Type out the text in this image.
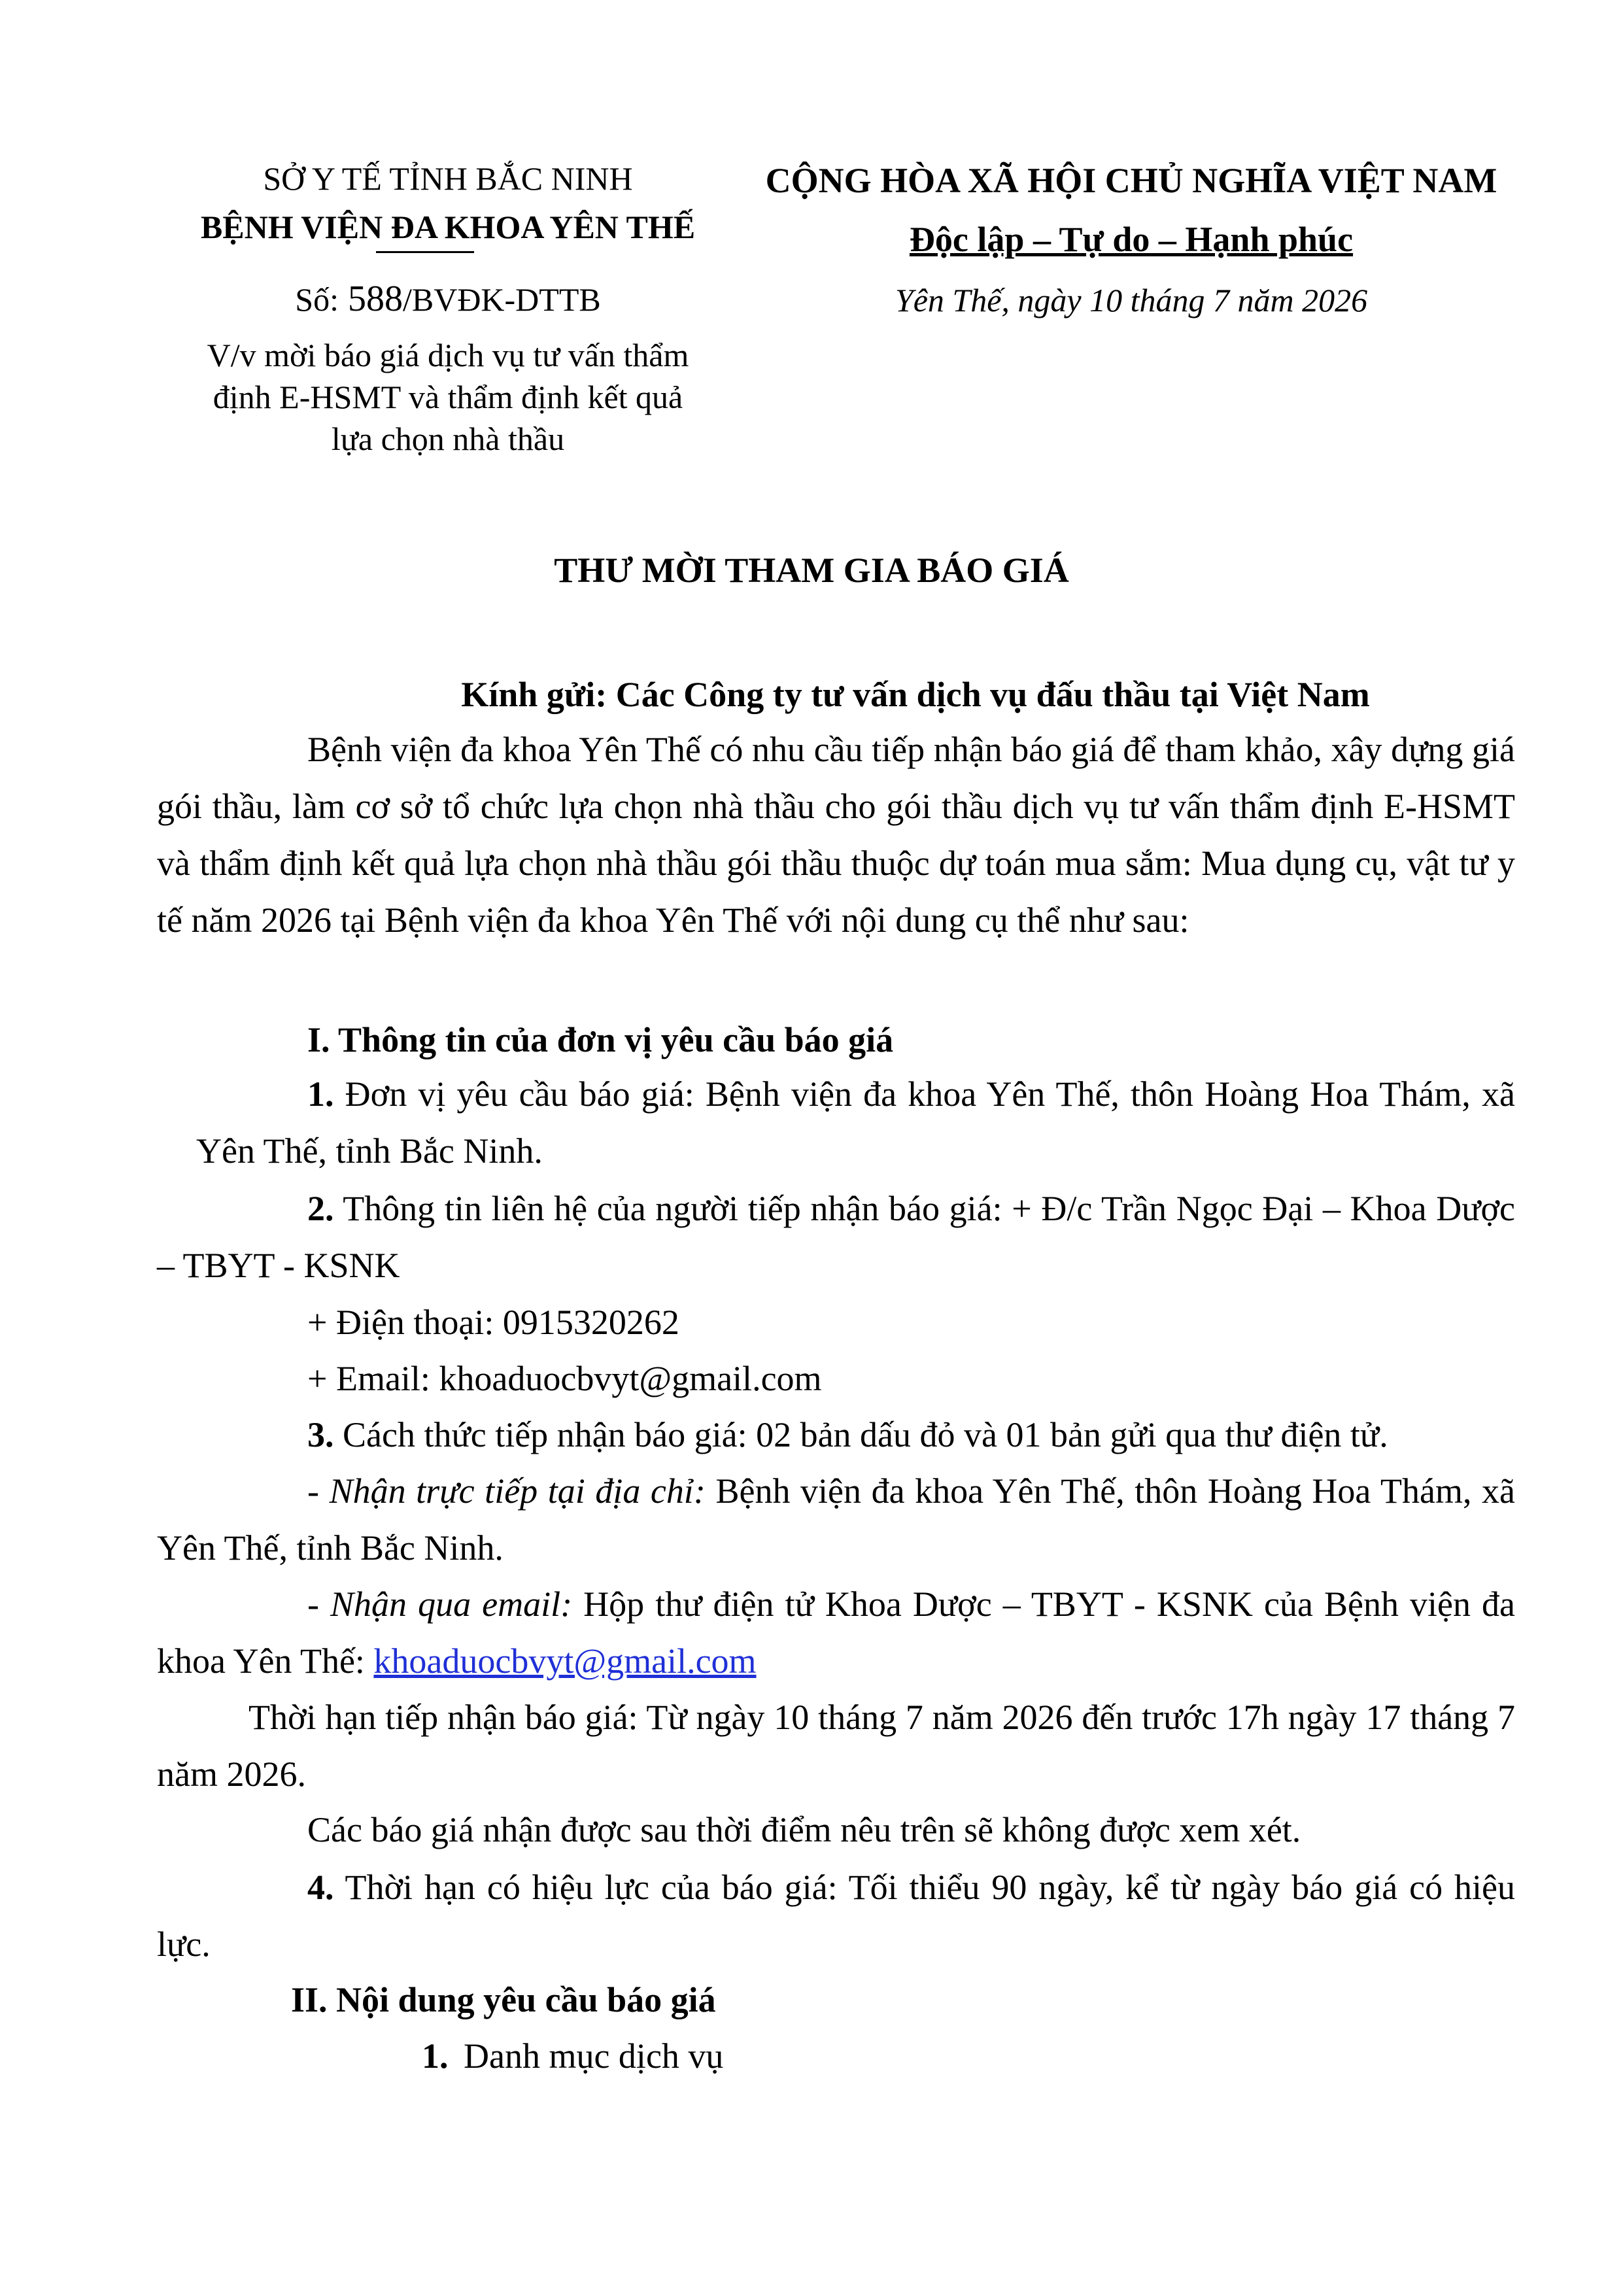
SỞ Y TẾ TỈNH BẮC NINH
BỆNH VIỆN ĐA KHOA YÊN THẾ
Số: 588/BVĐK-DTTB
V/v mời báo giá dịch vụ tư vấn thẩm
định E-HSMT và thẩm định kết quả
lựa chọn nhà thầu
CỘNG HÒA XÃ HỘI CHỦ NGHĨA VIỆT NAM
Độc lập – Tự do – Hạnh phúc
Yên Thế, ngày 10 tháng 7 năm 2026
THƯ MỜI THAM GIA BÁO GIÁ
Kính gửi: Các Công ty tư vấn dịch vụ đấu thầu tại Việt Nam
Bệnh viện đa khoa Yên Thế có nhu cầu tiếp nhận báo giá để tham khảo, xây dựng giá gói thầu, làm cơ sở tổ chức lựa chọn nhà thầu cho gói thầu dịch vụ tư vấn thẩm định E-HSMT và thẩm định kết quả lựa chọn nhà thầu gói thầu thuộc dự toán mua sắm: Mua dụng cụ, vật tư y tế năm 2026 tại Bệnh viện đa khoa Yên Thế với nội dung cụ thể như sau:
I. Thông tin của đơn vị yêu cầu báo giá
1. Đơn vị yêu cầu báo giá: Bệnh viện đa khoa Yên Thế, thôn Hoàng Hoa Thám, xã Yên Thế, tỉnh Bắc Ninh.
2. Thông tin liên hệ của người tiếp nhận báo giá: + Đ/c Trần Ngọc Đại – Khoa Dược – TBYT - KSNK
+ Điện thoại: 0915320262
+ Email: khoaduocbvyt@gmail.com
3. Cách thức tiếp nhận báo giá: 02 bản dấu đỏ và 01 bản gửi qua thư điện tử.
- Nhận trực tiếp tại địa chỉ: Bệnh viện đa khoa Yên Thế, thôn Hoàng Hoa Thám, xã Yên Thế, tỉnh Bắc Ninh.
- Nhận qua email: Hộp thư điện tử Khoa Dược – TBYT - KSNK của Bệnh viện đa khoa Yên Thế: khoaduocbvyt@gmail.com
Thời hạn tiếp nhận báo giá: Từ ngày 10 tháng 7 năm 2026 đến trước 17h ngày 17 tháng 7 năm 2026.
Các báo giá nhận được sau thời điểm nêu trên sẽ không được xem xét.
4. Thời hạn có hiệu lực của báo giá: Tối thiểu 90 ngày, kể từ ngày báo giá có hiệu lực.
II. Nội dung yêu cầu báo giá
1. Danh mục dịch vụ
